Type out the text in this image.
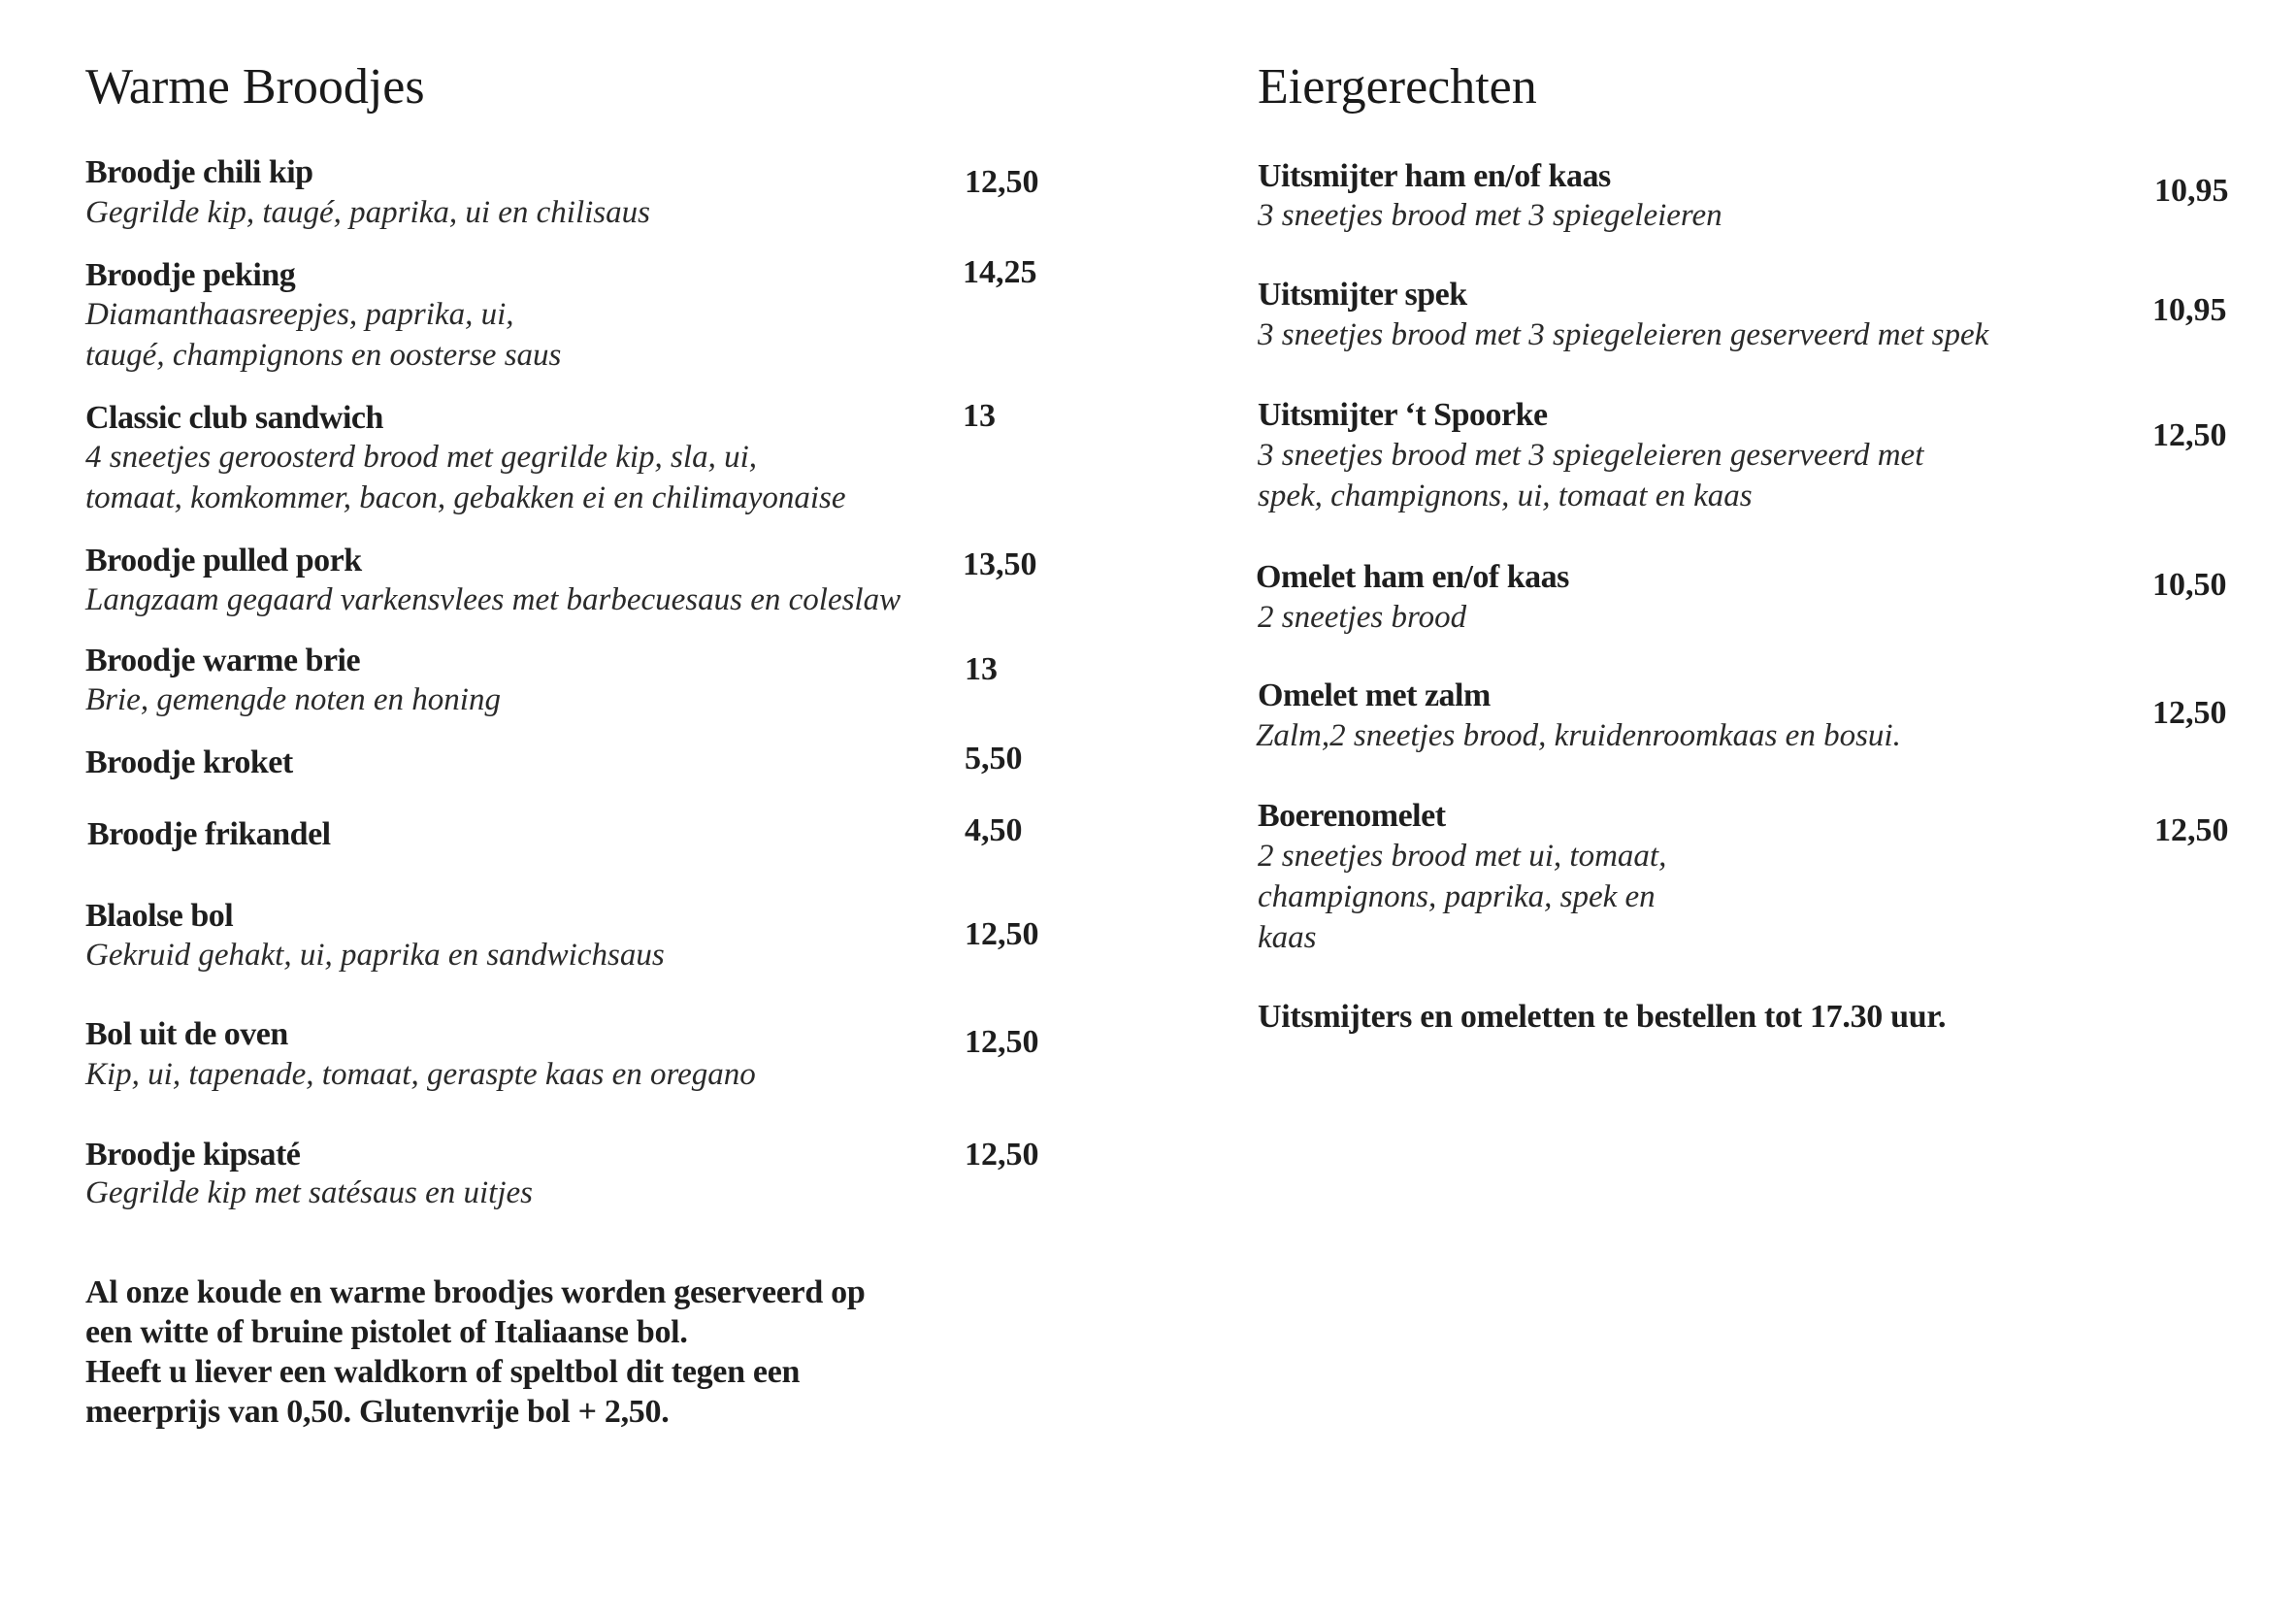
Warme Broodjes
Broodje chili kip
Gegrilde kip, taugé, paprika, ui en chilisaus
12,50
Broodje peking
Diamanthaasreepjes, paprika, ui,
taugé, champignons en oosterse saus
14,25
Classic club sandwich
4 sneetjes geroosterd brood met gegrilde kip, sla, ui,
tomaat, komkommer, bacon, gebakken ei en chilimayonaise
13
Broodje pulled pork
Langzaam gegaard varkensvlees met barbecuesaus en coleslaw
13,50
Broodje warme brie
Brie, gemengde noten en honing
13
Broodje kroket	5,50
Broodje frikandel	4,50
Blaolse bol
Gekruid gehakt, ui, paprika en sandwichsaus
12,50
Bol uit de oven
Kip, ui, tapenade, tomaat, geraspte kaas en oregano
12,50
Broodje kipsaté
Gegrilde kip met satésaus en uitjes
12,50
Al onze koude en warme broodjes worden geserveerd op
een witte of bruine pistolet of Italiaanse bol.
Heeft u liever een waldkorn of speltbol dit tegen een
meerprijs van 0,50. Glutenvrije bol + 2,50.
Eiergerechten
Uitsmijter ham en/of kaas
3 sneetjes brood met 3 spiegeleieren
10,95
Uitsmijter spek
3 sneetjes brood met 3 spiegeleieren geserveerd met spek
10,95
Uitsmijter ‘t Spoorke
3 sneetjes brood met 3 spiegeleieren geserveerd met
spek, champignons, ui, tomaat en kaas
12,50
Omelet ham en/of kaas
2 sneetjes brood
10,50
Omelet met zalm
Zalm,2 sneetjes brood, kruidenroomkaas en bosui.
12,50
Boerenomelet
2 sneetjes brood met ui, tomaat,
champignons, paprika, spek en
kaas
12,50
Uitsmijters en omeletten te bestellen tot 17.30 uur.
